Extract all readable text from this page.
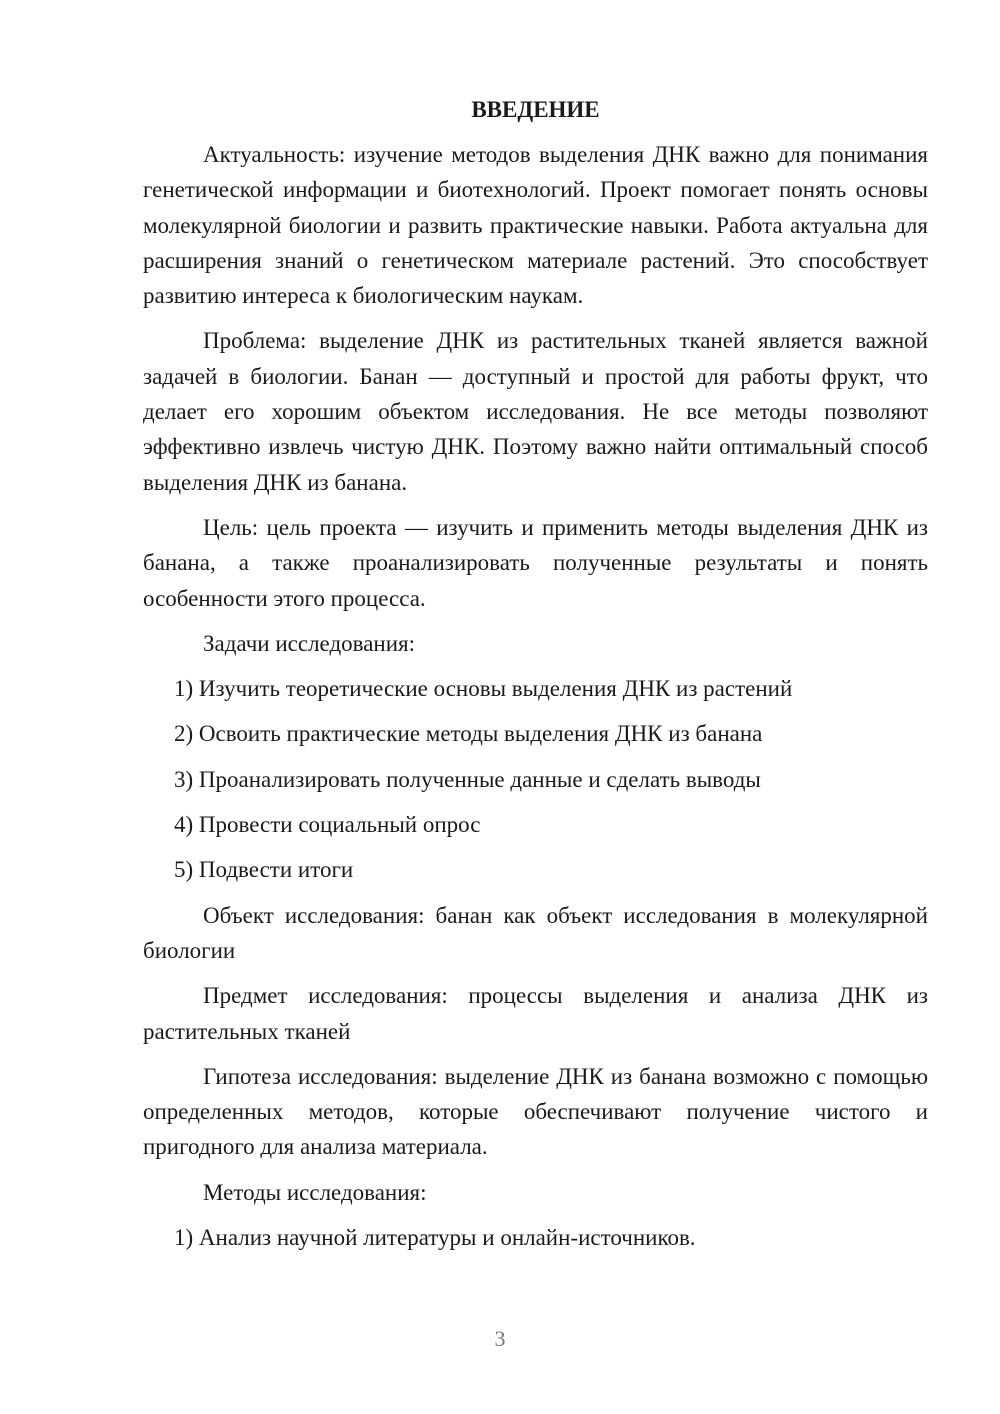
ВВЕДЕНИЕ

Актуальность: изучение методов выделения ДНК важно для понимания генетической информации и биотехнологий. Проект помогает понять основы молекулярной биологии и развить практические навыки. Работа актуальна для расширения знаний о генетическом материале растений. Это способствует развитию интереса к биологическим наукам.

Проблема: выделение ДНК из растительных тканей является важной задачей в биологии. Банан — доступный и простой для работы фрукт, что делает его хорошим объектом исследования. Не все методы позволяют эффективно извлечь чистую ДНК. Поэтому важно найти оптимальный способ выделения ДНК из банана.

Цель: цель проекта — изучить и применить методы выделения ДНК из банана, а также проанализировать полученные результаты и понять особенности этого процесса.

Задачи исследования:

1) Изучить теоретические основы выделения ДНК из растений
2) Освоить практические методы выделения ДНК из банана
3) Проанализировать полученные данные и сделать выводы
4) Провести социальный опрос
5) Подвести итоги

Объект исследования: банан как объект исследования в молекулярной биологии

Предмет исследования: процессы выделения и анализа ДНК из растительных тканей

Гипотеза исследования: выделение ДНК из банана возможно с помощью определенных методов, которые обеспечивают получение чистого и пригодного для анализа материала.

Методы исследования:

1) Анализ научной литературы и онлайн-источников.
3
